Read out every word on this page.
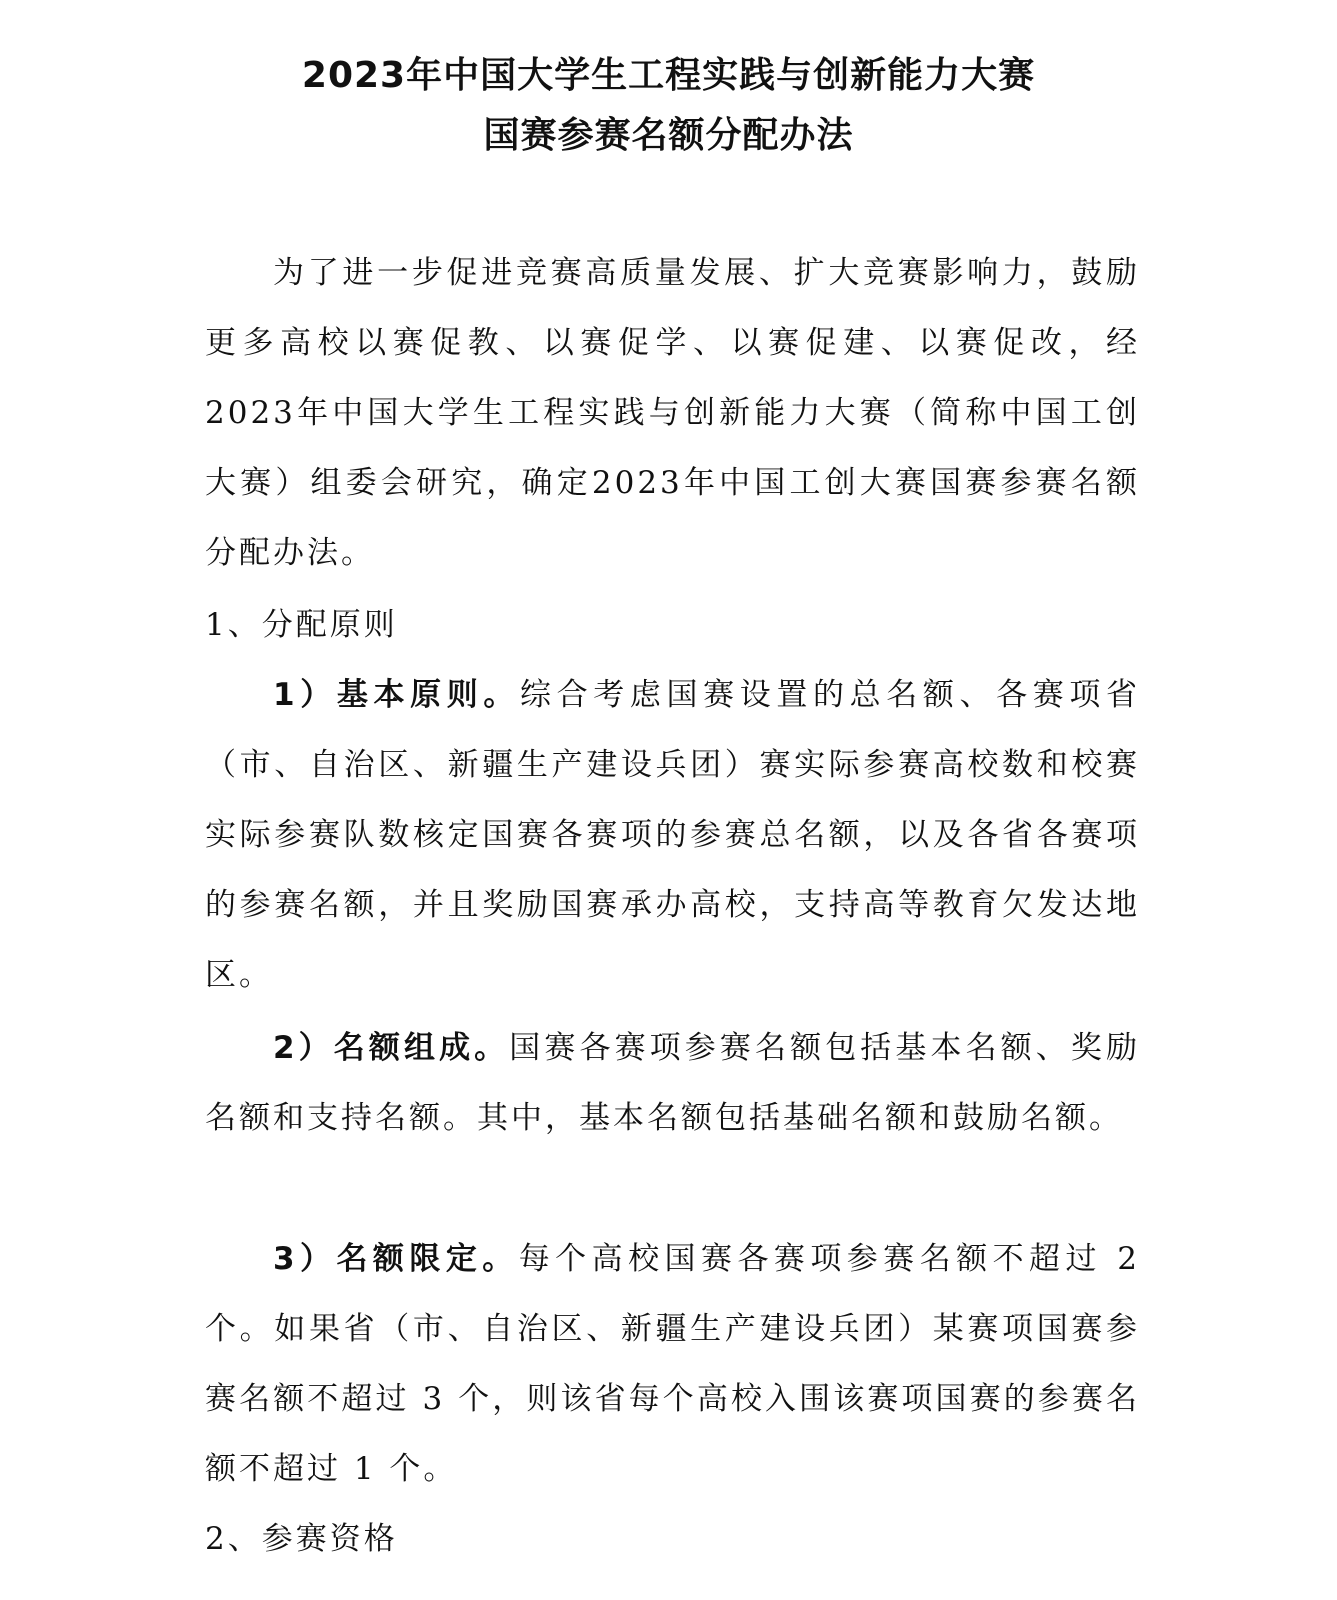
2023年中国大学生工程实践与创新能力大赛
国赛参赛名额分配办法

为了进一步促进竞赛高质量发展、扩大竞赛影响力，鼓励更多高校以赛促教、以赛促学、以赛促建、以赛促改，经2023年中国大学生工程实践与创新能力大赛（简称中国工创大赛）组委会研究，确定2023年中国工创大赛国赛参赛名额分配办法。

1、分配原则

1）基本原则。综合考虑国赛设置的总名额、各赛项省（市、自治区、新疆生产建设兵团）赛实际参赛高校数和校赛实际参赛队数核定国赛各赛项的参赛总名额，以及各省各赛项的参赛名额，并且奖励国赛承办高校，支持高等教育欠发达地区。

2）名额组成。国赛各赛项参赛名额包括基本名额、奖励名额和支持名额。其中，基本名额包括基础名额和鼓励名额。

3）名额限定。每个高校国赛各赛项参赛名额不超过 2 个。如果省（市、自治区、新疆生产建设兵团）某赛项国赛参赛名额不超过 3 个，则该省每个高校入围该赛项国赛的参赛名额不超过 1 个。

2、参赛资格
